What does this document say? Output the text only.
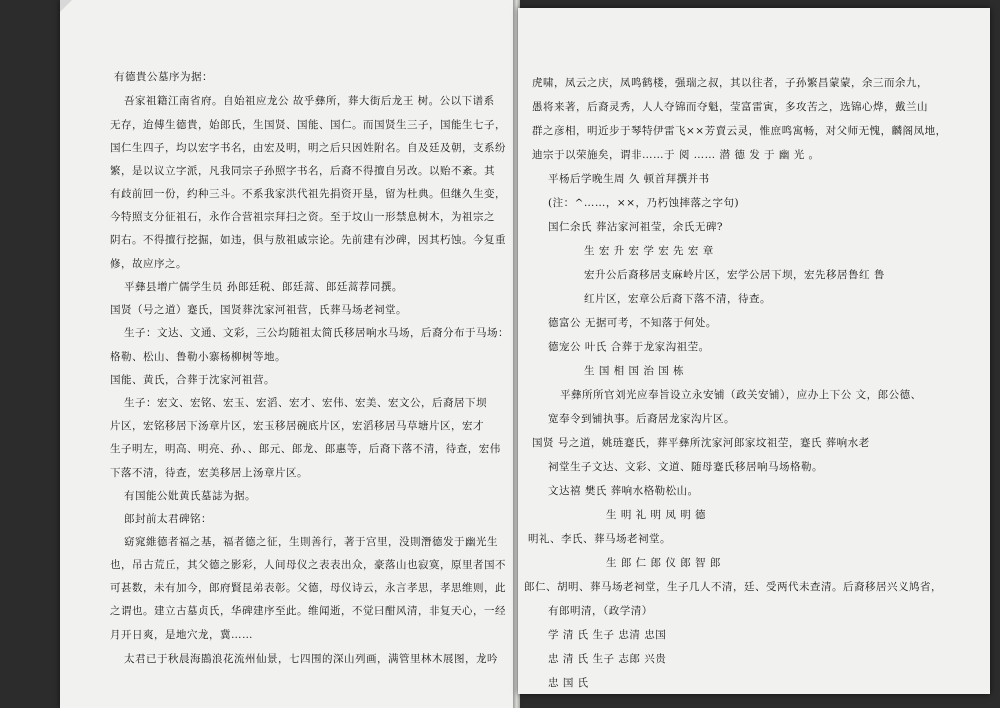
有德貴公墓序为据：
吾家祖籍江南省府。自始祖应龙公 故乎彝所，葬大街后龙王 树。公以下谱系
无存，迨傅生德貴，始郎氏，生国贤、国能、国仁。而国贤生三子，国能生七子，
国仁生四子，均以宏字书名，由宏及明，明之后只因姓附名。自及廷及朝，支系纷
繁，是以议立字派，凡我同宗子孙照字书名，后裔不得擅自另改。以贻不紊。其
有歧前回一份，约种三斗。不系我家洪代祖先捐资开垦，留为杜典。但继久生变，
今特照支分征祖石，永作合营祖宗拜扫之资。至于坟山一形禁息树木，为祖宗之
阴右。不得擅行挖掘，如违，俱与敖祖戚宗论。先前建有沙碑，因其朽蚀。今复重
修，故应序之。
平彝县增广儒学生员 孙郎廷税、郎廷蒿、郎廷蒿荐同撰。
国贤（号之道）蹇氏，国贤葬沈家河祖营，氏葬马场老祠堂。
生子：文达、文通、文彩，三公均随祖太简氏移居响水马场，后裔分布于马场：
格勒、松山、鲁勒小寨杨柳树等地。
国能、黄氏，合葬于沈家河祖营。
生子：宏文、宏铭、宏玉、宏滔、宏才、宏伟、宏美、宏文公，后裔居下坝
片区，宏铭移居下汤章片区，宏玉移居碗底片区，宏滔移居马草塘片区，宏才
生子明左，明高、明亮、孙、、郎元、郎龙、郎惠等，后裔下落不清，待查，宏伟
下落不清，待查，宏美移居上汤章片区。
有国能公妣黄氏墓誌为据。
郎封前太君碑铭：
窈窕維德者福之基，福者德之征，生則善行，著于宫里，没則潛德发于幽光生
也，吊古荒丘，其父德之影彩，人间母仪之表表出众，豪落山也寂寞，原里者国不
可甚数，未有加今，郎府賢昆弟表彰。父德，母仪诗云，永言孝思，孝思维则，此
之谓也。建立古墓贞氏，华碑建序至此。维闻逝，不觉曰酣风清，非复天心，一经
月开日爽，是地穴龙，冀……
太君已于秋晨海鵾浪花流州仙景，七四围的深山列画，满管里林木展图，龙吟
虎啸，凤云之庆，凤鸣鹤楼，强瑞之叔，其以往者，子孙繁昌蒙蒙，余三而余九，
愚将来著，后裔灵秀，人人夺锦而夺魁，莹富雷寅，多攻苦之，选锦心烨，戴兰山
群之彦相，明近步于琴特伊雷飞××芳賣云灵，惟庶鸣寓畅，对父师无愧，麟阁凤地，
迪宗于以荣施矣，谓非……于 阅 …… 潜 德 发 于 幽 光 。
平杨后学晚生周 久 顿首拜撰并书
(注：^……，××，乃朽蚀摔落之字句)
国仁余氏 葬沾家河祖莹，余氏无碑?
生 宏 升 宏 学 宏 先 宏 章
宏升公后裔移居支麻岭片区，宏学公居下坝，宏先移居鲁红 鲁
红片区，宏章公后裔下落不清，待查。
德富公 无据可考，不知落于何处。
德宠公 叶氏 合葬于龙家沟祖茔。
生 国 相 国 治 国 栋
平彝所所官刘光应奉旨设立永安铺（政关安铺），应办上下公 文，郎公德、
宽奉令到铺执事。后裔居龙家沟片区。
国贤 号之道，姚琏蹇氏，葬平彝所沈家河郎家坟祖茔，蹇氏 葬响水老
祠堂生子文达、文彩、文道、随母蹇氏移居响马场格勒。
文达禧 樊氏 葬响水格勒松山。
生 明 礼 明 凤 明 德
明礼、李氏、葬马场老祠堂。
生 郎 仁 郎 仪 郎 智 郎
郎仁、胡明、葬马场老祠堂，生子几人不清，廷、受两代未查清。后裔移居兴义鸠省，
有郎明清，（政学清）
学 清 氏 生子 忠清 忠国
忠 清 氏 生子 志郎 兴贵
忠 国 氏
